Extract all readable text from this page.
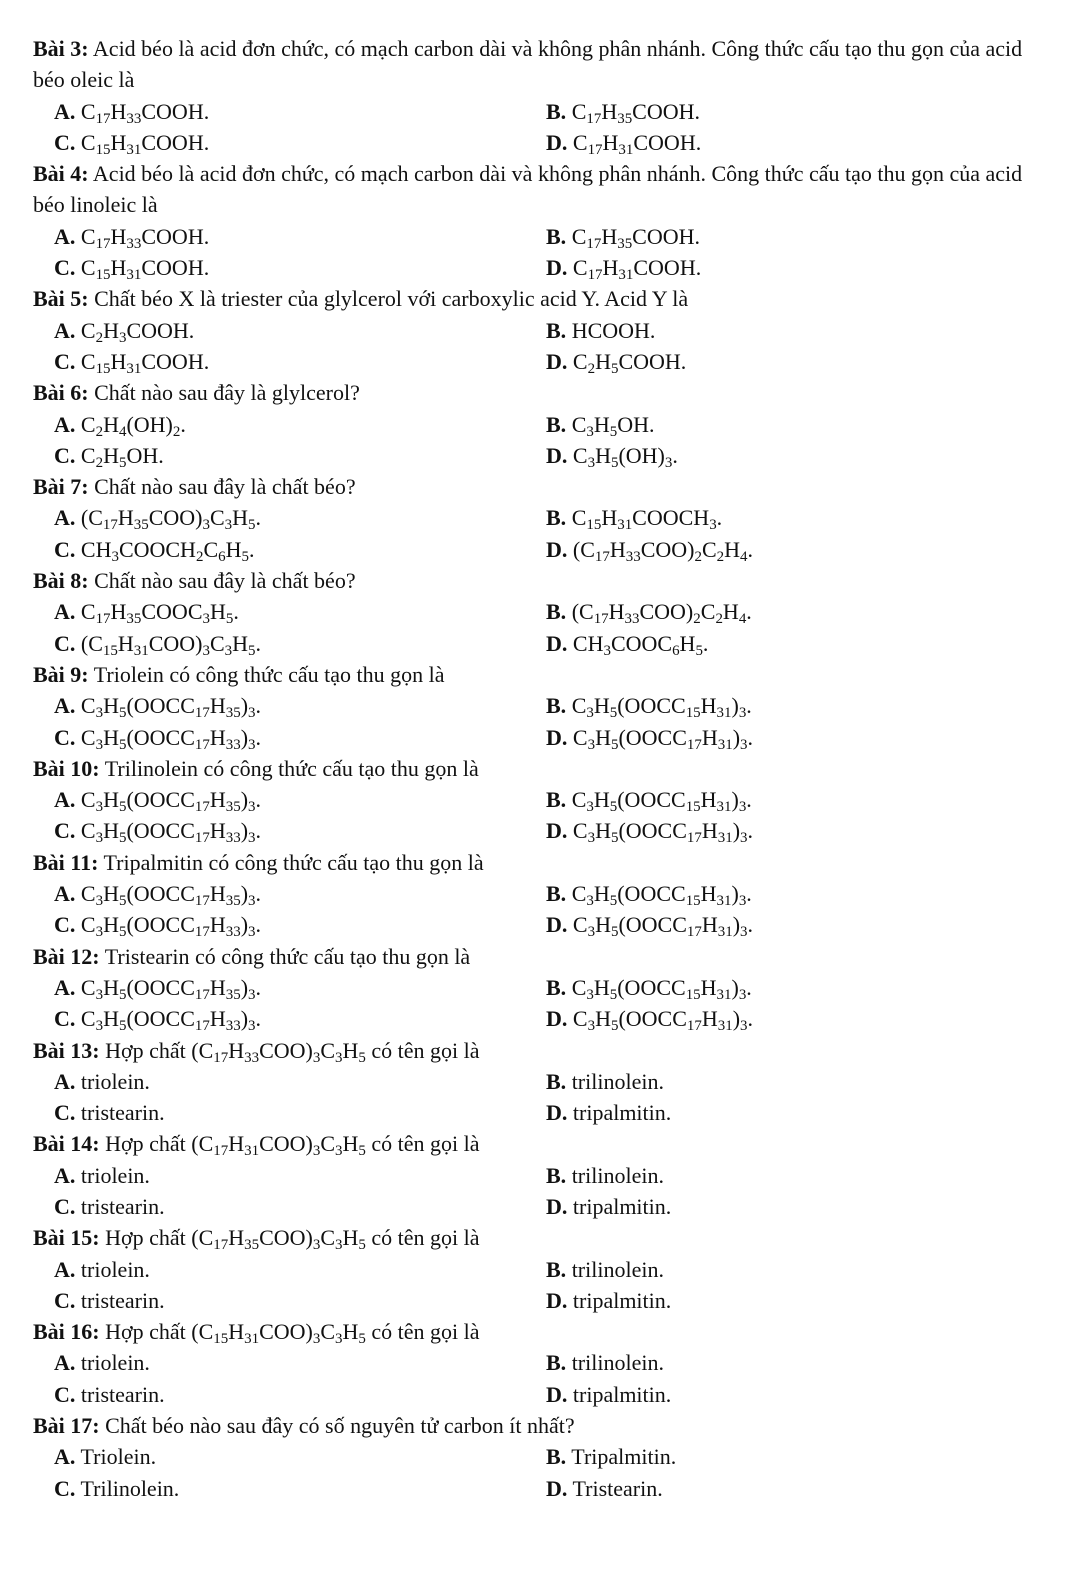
Bài 3: Acid béo là acid đơn chức, có mạch carbon dài và không phân nhánh. Công thức cấu tạo thu gọn của acid béo oleic là
A. $C_{17}H_{33}COOH$.	B. $C_{17}H_{35}COOH$.
C. $C_{15}H_{31}COOH$.	D. $C_{17}H_{31}COOH$.
Bài 4: Acid béo là acid đơn chức, có mạch carbon dài và không phân nhánh. Công thức cấu tạo thu gọn của acid béo linoleic là
A. $C_{17}H_{33}COOH$.	B. $C_{17}H_{35}COOH$.
C. $C_{15}H_{31}COOH$.	D. $C_{17}H_{31}COOH$.
Bài 5: Chất béo X là triester của glylcerol với carboxylic acid Y. Acid Y là
A. $C_2H_3COOH$.	B. HCOOH.
C. $C_{15}H_{31}COOH$.	D. $C_2H_5COOH$.
Bài 6: Chất nào sau đây là glylcerol?
A. $C_2H_4(OH)_2$.	B. $C_3H_5OH$.
C. $C_2H_5OH$.	D. $C_3H_5(OH)_3$.
Bài 7: Chất nào sau đây là chất béo?
A. $(C_{17}H_{35}COO)_3C_3H_5$.	B. $C_{15}H_{31}COOCH_3$.
C. $CH_3COOCH_2C_6H_5$.	D. $(C_{17}H_{33}COO)_2C_2H_4$.
Bài 8: Chất nào sau đây là chất béo?
A. $C_{17}H_{35}COOC_3H_5$.	B. $(C_{17}H_{33}COO)_2C_2H_4$.
C. $(C_{15}H_{31}COO)_3C_3H_5$.	D. $CH_3COOC_6H_5$.
Bài 9: Triolein có công thức cấu tạo thu gọn là
A. $C_3H_5(OOCC_{17}H_{35})_3$.	B. $C_3H_5(OOCC_{15}H_{31})_3$.
C. $C_3H_5(OOCC_{17}H_{33})_3$.	D. $C_3H_5(OOCC_{17}H_{31})_3$.
Bài 10: Trilinolein có công thức cấu tạo thu gọn là
A. $C_3H_5(OOCC_{17}H_{35})_3$.	B. $C_3H_5(OOCC_{15}H_{31})_3$.
C. $C_3H_5(OOCC_{17}H_{33})_3$.	D. $C_3H_5(OOCC_{17}H_{31})_3$.
Bài 11: Tripalmitin có công thức cấu tạo thu gọn là
A. $C_3H_5(OOCC_{17}H_{35})_3$.	B. $C_3H_5(OOCC_{15}H_{31})_3$.
C. $C_3H_5(OOCC_{17}H_{33})_3$.	D. $C_3H_5(OOCC_{17}H_{31})_3$.
Bài 12: Tristearin có công thức cấu tạo thu gọn là
A. $C_3H_5(OOCC_{17}H_{35})_3$.	B. $C_3H_5(OOCC_{15}H_{31})_3$.
C. $C_3H_5(OOCC_{17}H_{33})_3$.	D. $C_3H_5(OOCC_{17}H_{31})_3$.
Bài 13: Hợp chất $(C_{17}H_{33}COO)_3C_3H_5$ có tên gọi là
A. triolein.	B. trilinolein.
C. tristearin.	D. tripalmitin.
Bài 14: Hợp chất $(C_{17}H_{31}COO)_3C_3H_5$ có tên gọi là
A. triolein.	B. trilinolein.
C. tristearin.	D. tripalmitin.
Bài 15: Hợp chất $(C_{17}H_{35}COO)_3C_3H_5$ có tên gọi là
A. triolein.	B. trilinolein.
C. tristearin.	D. tripalmitin.
Bài 16: Hợp chất $(C_{15}H_{31}COO)_3C_3H_5$ có tên gọi là
A. triolein.	B. trilinolein.
C. tristearin.	D. tripalmitin.
Bài 17: Chất béo nào sau đây có số nguyên tử carbon ít nhất?
A. Triolein.	B. Tripalmitin.
C. Trilinolein.	D. Tristearin.
